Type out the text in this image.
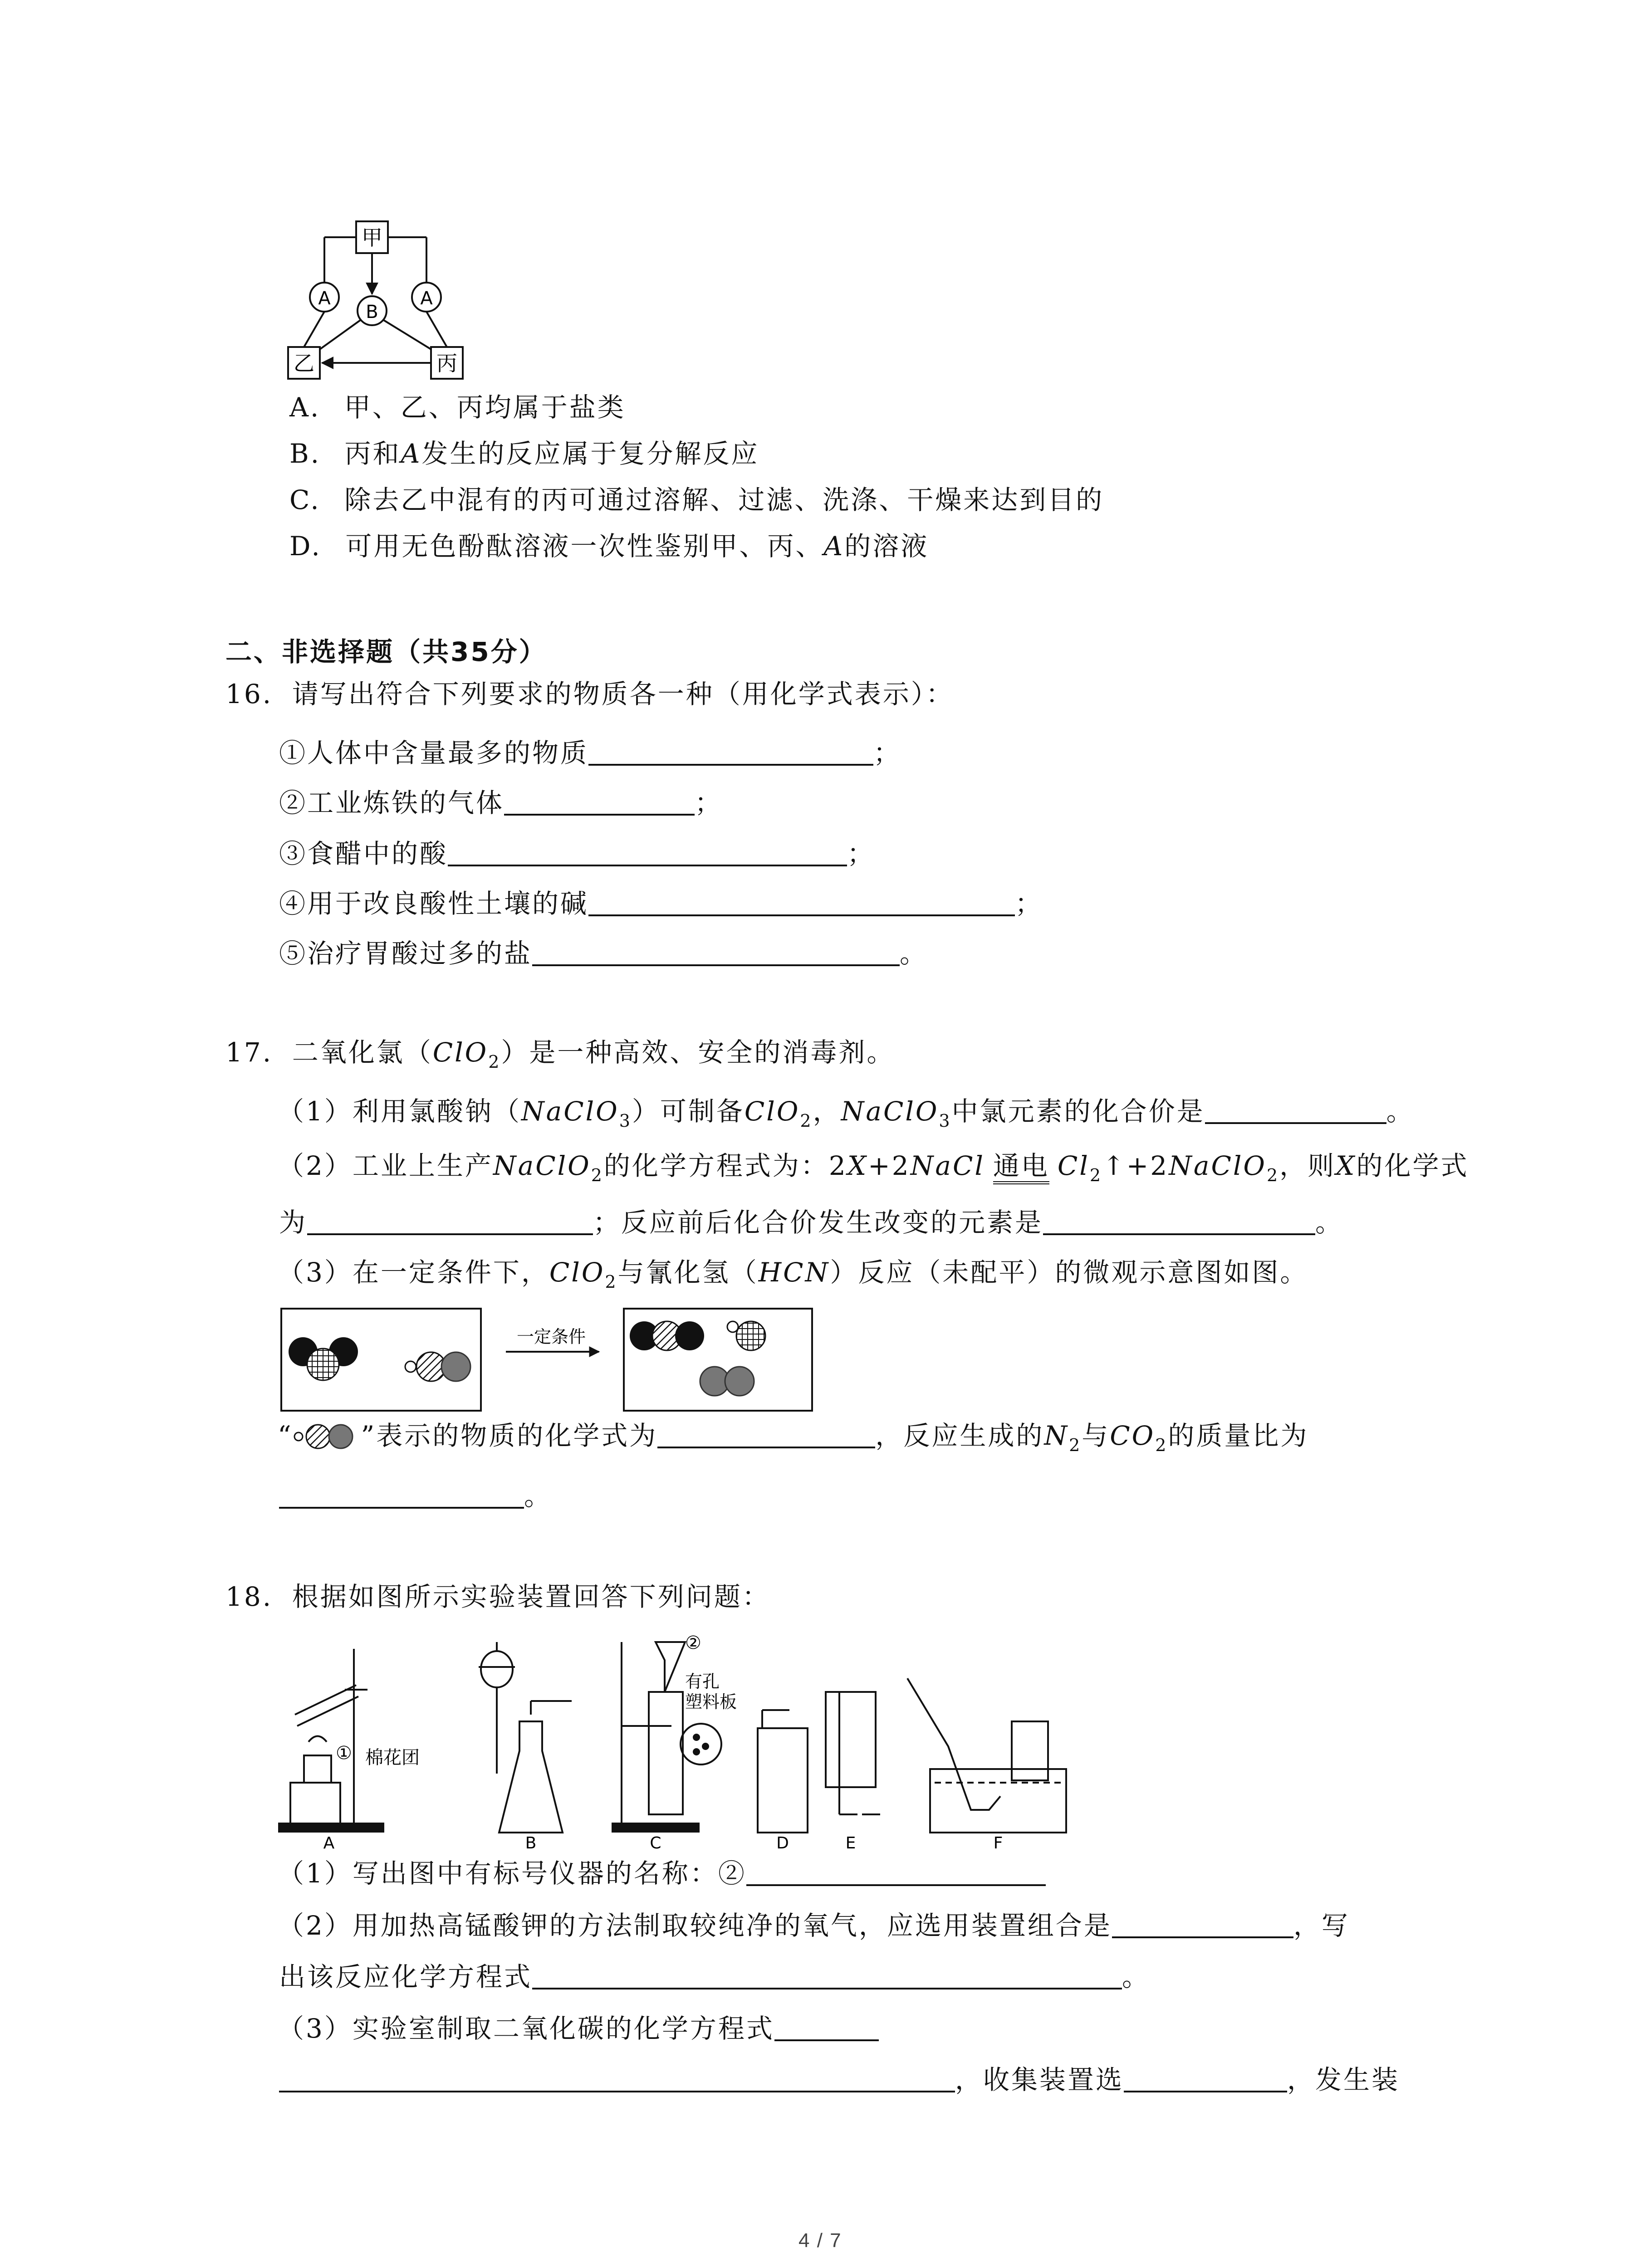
甲
乙	丙
A
B
A
A. 甲、乙、丙均属于盐类
B. 丙和A发生的反应属于复分解反应
C. 除去乙中混有的丙可通过溶解、过滤、洗涤、干燥来达到目的
D. 可用无色酚酞溶液一次性鉴别甲、丙、A的溶液
二、非选择题（共35分）
16. 请写出符合下列要求的物质各一种（用化学式表示）：
①人体中含量最多的物质	；
②工业炼铁的气体	；
③食醋中的酸	；
④用于改良酸性土壤的碱	；
⑤治疗胃酸过多的盐	。
17. 二氧化氯（ClO$_2$）是一种高效、安全的消毒剂。
（1）利用氯酸钠（NaClO$_3$）可制备ClO$_2$，NaClO$_3$中氯元素的化合价是	。
（2）工业上生产NaClO$_2$的化学方程式为：2X+2NaCl 通电 $Cl_2↑+2NaClO_2$，则X的化学式
为	；反应前后化合价发生改变的元素是	。
（3）在一定条件下，ClO$_2$与氰化氢（HCN）反应（未配平）的微观示意图如图。
一定条件
“	”表示的物质的化学式为	，反应生成的$N_2$与$CO_2$的质量比为
。
18. 根据如图所示实验装置回答下列问题：
① 棉花团
②
有孔
塑料板
A	B	C	D	E	F
（1）写出图中有标号仪器的名称：②
（2）用加热高锰酸钾的方法制取较纯净的氧气，应选用装置组合是	，写
出该反应化学方程式	。
（3）实验室制取二氧化碳的化学方程式
，收集装置选	，发生装
4 / 7
